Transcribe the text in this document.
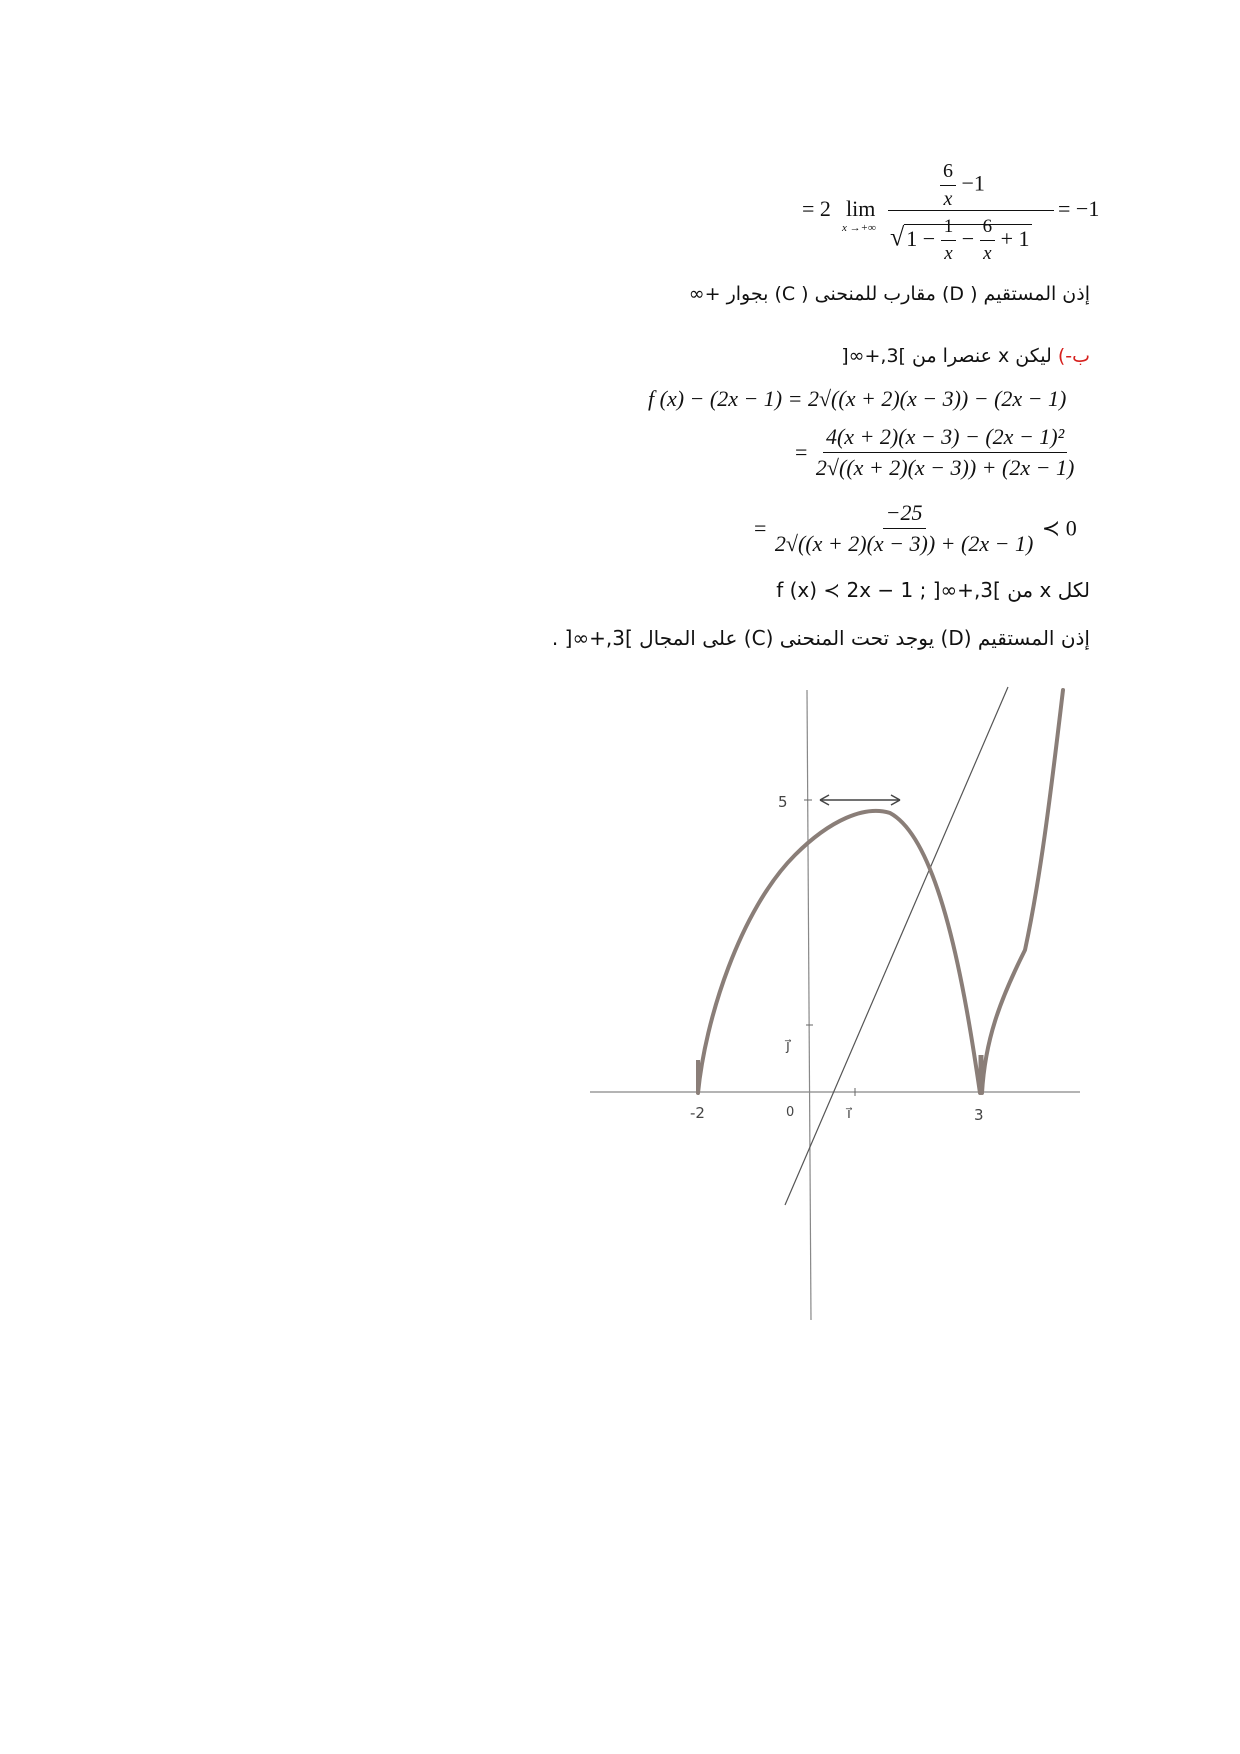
$\frac{6}{x} -1$
= 2 lim
x →+∞
= −1
$√1 - \frac{1}{x} - \frac{6}{x} + 1$
إذن المستقيم ( D) مقارب للمنحنى ( C) بجوار +∞
ب-) ليكن x عنصرا من ]3,+∞[
f (x) − (2x − 1) = 2√((x + 2)(x − 3)) − (2x − 1)
= $\frac{\text{4(x + 2)(x − 3) − (2x − 1)²}}{2√((x + 2)(x - 3)) + (2x - 1)}$
= $\frac{-25}{2√((x + 2)(x - 3)) + (2x - 1)}$ ≺ 0
لكل x من ]3,+∞[ ; f (x) ≺ 2x − 1
إذن المستقيم (D) يوجد تحت المنحنى (C) على المجال ]3,+∞[ .
5
-2	0	i⃗
j⃗
3
